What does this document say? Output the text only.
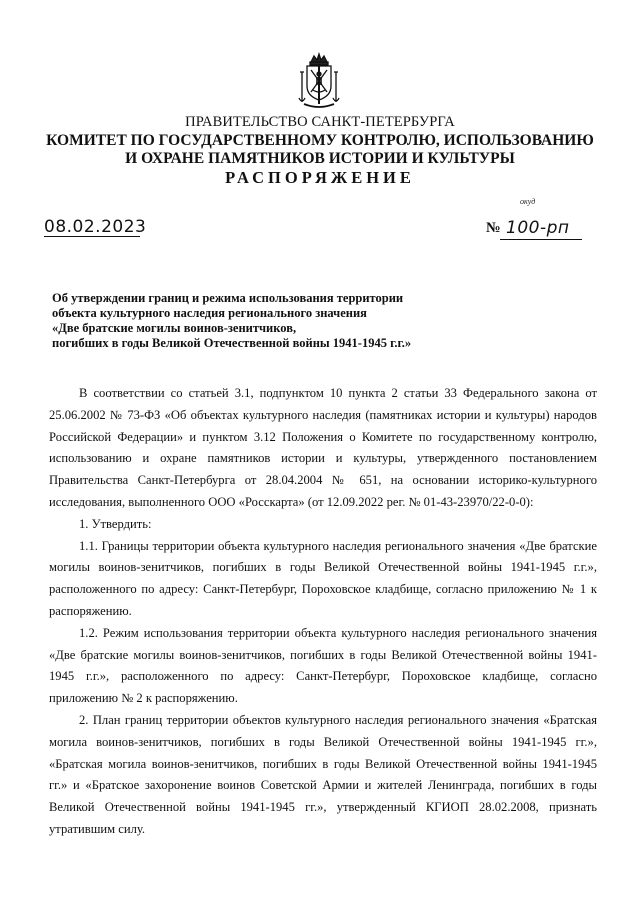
ПРАВИТЕЛЬСТВО САНКТ-ПЕТЕРБУРГА
КОМИТЕТ ПО ГОСУДАРСТВЕННОМУ КОНТРОЛЮ, ИСПОЛЬЗОВАНИЮ
И ОХРАНЕ ПАМЯТНИКОВ ИСТОРИИ И КУЛЬТУРЫ
РАСПОРЯЖЕНИЕ
окуд
08.02.2023	№ 100-рп
Об утверждении границ и режима использования территории
объекта культурного наследия регионального значения
«Две братские могилы воинов-зенитчиков,
погибших в годы Великой Отечественной войны 1941-1945 г.г.»

В соответствии со статьей 3.1, подпунктом 10 пункта 2 статьи 33 Федерального закона от 25.06.2002 № 73-ФЗ «Об объектах культурного наследия (памятниках истории и культуры) народов Российской Федерации» и пунктом 3.12 Положения о Комитете по государственному контролю, использованию и охране памятников истории и культуры, утвержденного постановлением Правительства Санкт-Петербурга от 28.04.2004 № 651, на основании историко-культурного исследования, выполненного ООО «Росскарта» (от 12.09.2022 рег. № 01-43-23970/22-0-0):

1. Утвердить:

1.1. Границы территории объекта культурного наследия регионального значения «Две братские могилы воинов-зенитчиков, погибших в годы Великой Отечественной войны 1941-1945 г.г.», расположенного по адресу: Санкт-Петербург, Пороховское кладбище, согласно приложению № 1 к распоряжению.

1.2. Режим использования территории объекта культурного наследия регионального значения «Две братские могилы воинов-зенитчиков, погибших в годы Великой Отечественной войны 1941-1945 г.г.», расположенного по адресу: Санкт-Петербург, Пороховское кладбище, согласно приложению № 2 к распоряжению.

2. План границ территории объектов культурного наследия регионального значения «Братская могила воинов-зенитчиков, погибших в годы Великой Отечественной войны 1941-1945 гг.», «Братская могила воинов-зенитчиков, погибших в годы Великой Отечественной войны 1941-1945 гг.» и «Братское захоронение воинов Советской Армии и жителей Ленинграда, погибших в годы Великой Отечественной войны 1941-1945 гг.», утвержденный КГИОП 28.02.2008, признать утратившим силу.
